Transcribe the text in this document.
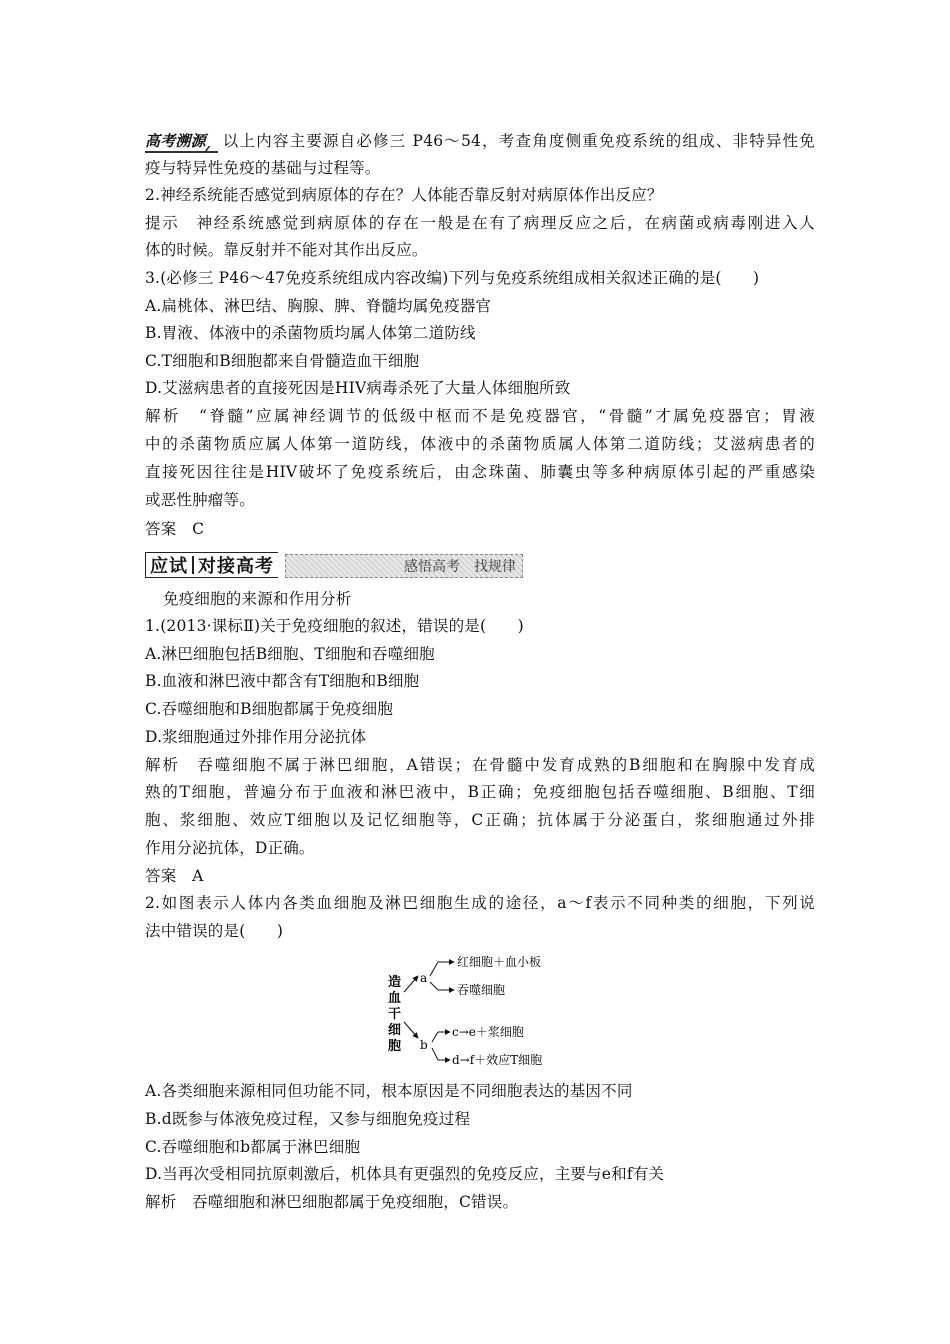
高考溯源 以上内容主要源自必修三 P46～54，考查角度侧重免疫系统的组成、非特异性免
疫与特异性免疫的基础与过程等。
2.神经系统能否感觉到病原体的存在？人体能否靠反射对病原体作出反应？
提示　神经系统感觉到病原体的存在一般是在有了病理反应之后，在病菌或病毒刚进入人
体的时候。靠反射并不能对其作出反应。
3.(必修三 P46～47免疫系统组成内容改编)下列与免疫系统组成相关叙述正确的是(　　)
A.扁桃体、淋巴结、胸腺、脾、脊髓均属免疫器官
B.胃液、体液中的杀菌物质均属人体第二道防线
C.T细胞和B细胞都来自骨髓造血干细胞
D.艾滋病患者的直接死因是HIV病毒杀死了大量人体细胞所致
解析　“脊髓”应属神经调节的低级中枢而不是免疫器官，“骨髓”才属免疫器官；胃液
中的杀菌物质应属人体第一道防线，体液中的杀菌物质属人体第二道防线；艾滋病患者的
直接死因往往是HIV破坏了免疫系统后，由念珠菌、肺囊虫等多种病原体引起的严重感染
或恶性肿瘤等。
答案　C
应试 对接高考	感悟高考　找规律
免疫细胞的来源和作用分析
1.(2013·课标Ⅱ)关于免疫细胞的叙述，错误的是(　　)
A.淋巴细胞包括B细胞、T细胞和吞噬细胞
B.血液和淋巴液中都含有T细胞和B细胞
C.吞噬细胞和B细胞都属于免疫细胞
D.浆细胞通过外排作用分泌抗体
解析　吞噬细胞不属于淋巴细胞，A错误；在骨髓中发育成熟的B细胞和在胸腺中发育成
熟的T细胞，普遍分布于血液和淋巴液中，B正确；免疫细胞包括吞噬细胞、B细胞、T细
胞、浆细胞、效应T细胞以及记忆细胞等，C正确；抗体属于分泌蛋白，浆细胞通过外排
作用分泌抗体，D正确。
答案　A
2.如图表示人体内各类血细胞及淋巴细胞生成的途径，a～f表示不同种类的细胞，下列说
法中错误的是(　　)
造
血
干
细
胞
a
红细胞＋血小板
吞噬细胞
b
c→e＋浆细胞
d→f＋效应T细胞
A.各类细胞来源相同但功能不同，根本原因是不同细胞表达的基因不同
B.d既参与体液免疫过程，又参与细胞免疫过程
C.吞噬细胞和b都属于淋巴细胞
D.当再次受相同抗原刺激后，机体具有更强烈的免疫反应，主要与e和f有关
解析　吞噬细胞和淋巴细胞都属于免疫细胞，C错误。
